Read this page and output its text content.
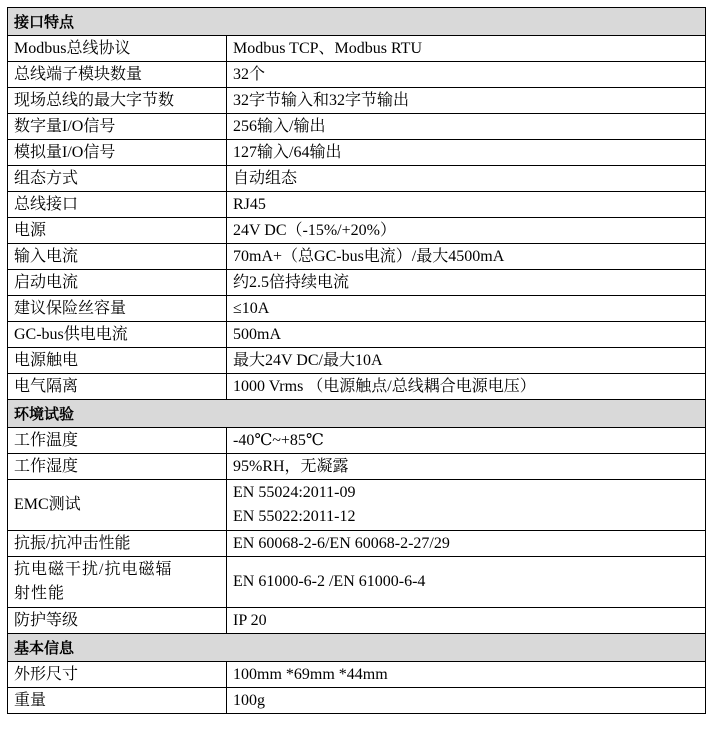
接口特点	
Modbus总线协议	Modbus TCP、Modbus RTU
总线端子模块数量	32个
现场总线的最大字节数	32字节输入和32字节输出
数字量I/O信号	256输入/输出
模拟量I/O信号	127输入/64输出
组态方式	自动组态
总线接口	RJ45
电源	24V DC（-15%/+20%）
输入电流	70mA+（总GC-bus电流）/最大4500mA
启动电流	约2.5倍持续电流
建议保险丝容量	≤10A
GC-bus供电电流	500mA
电源触电	最大24V DC/最大10A
电气隔离	1000 Vrms （电源触点/总线耦合电源电压）
环境试验	
工作温度	-40℃~+85℃
工作湿度	95%RH，无凝露
EMC测试	EN 55024:2011-09
EN 55022:2011-12

抗振/抗冲击性能	EN 60068-2-6/EN 60068-2-27/29

抗电磁干扰/抗电磁辐
射性能	EN 61000-6-2 /EN 61000-6-4
防护等级	IP 20
基本信息	
外形尺寸	100mm *69mm *44mm
重量	100g
